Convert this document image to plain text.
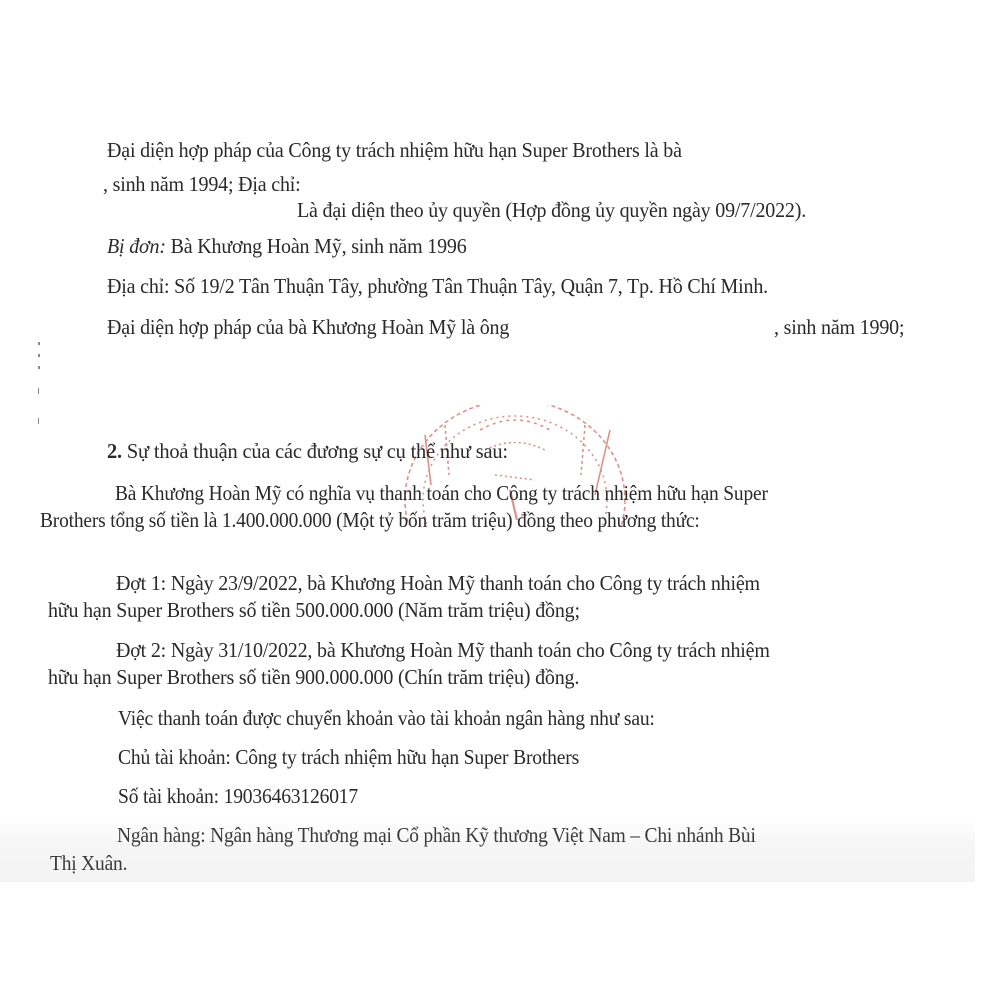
Đại diện hợp pháp của Công ty trách nhiệm hữu hạn Super Brothers là bà
, sinh năm 1994; Địa chỉ:
Là đại diện theo ủy quyền (Hợp đồng ủy quyền ngày 09/7/2022).
Bị đơn: Bà Khương Hoàn Mỹ, sinh năm 1996
Địa chỉ: Số 19/2 Tân Thuận Tây, phường Tân Thuận Tây, Quận 7, Tp. Hồ Chí Minh.
Đại diện hợp pháp của bà Khương Hoàn Mỹ là ông	, sinh năm 1990;
2. Sự thoả thuận của các đương sự cụ thể như sau:
Bà Khương Hoàn Mỹ có nghĩa vụ thanh toán cho Công ty trách nhiệm hữu hạn Super
Brothers tổng số tiền là 1.400.000.000 (Một tỷ bốn trăm triệu) đồng theo phương thức:
Đợt 1: Ngày 23/9/2022, bà Khương Hoàn Mỹ thanh toán cho Công ty trách nhiệm
hữu hạn Super Brothers số tiền 500.000.000 (Năm trăm triệu) đồng;
Đợt 2: Ngày 31/10/2022, bà Khương Hoàn Mỹ thanh toán cho Công ty trách nhiệm
hữu hạn Super Brothers số tiền 900.000.000 (Chín trăm triệu) đồng.
Việc thanh toán được chuyển khoản vào tài khoản ngân hàng như sau:
Chủ tài khoản: Công ty trách nhiệm hữu hạn Super Brothers
Số tài khoản: 19036463126017
Ngân hàng: Ngân hàng Thương mại Cổ phần Kỹ thương Việt Nam – Chi nhánh Bùi
Thị Xuân.
